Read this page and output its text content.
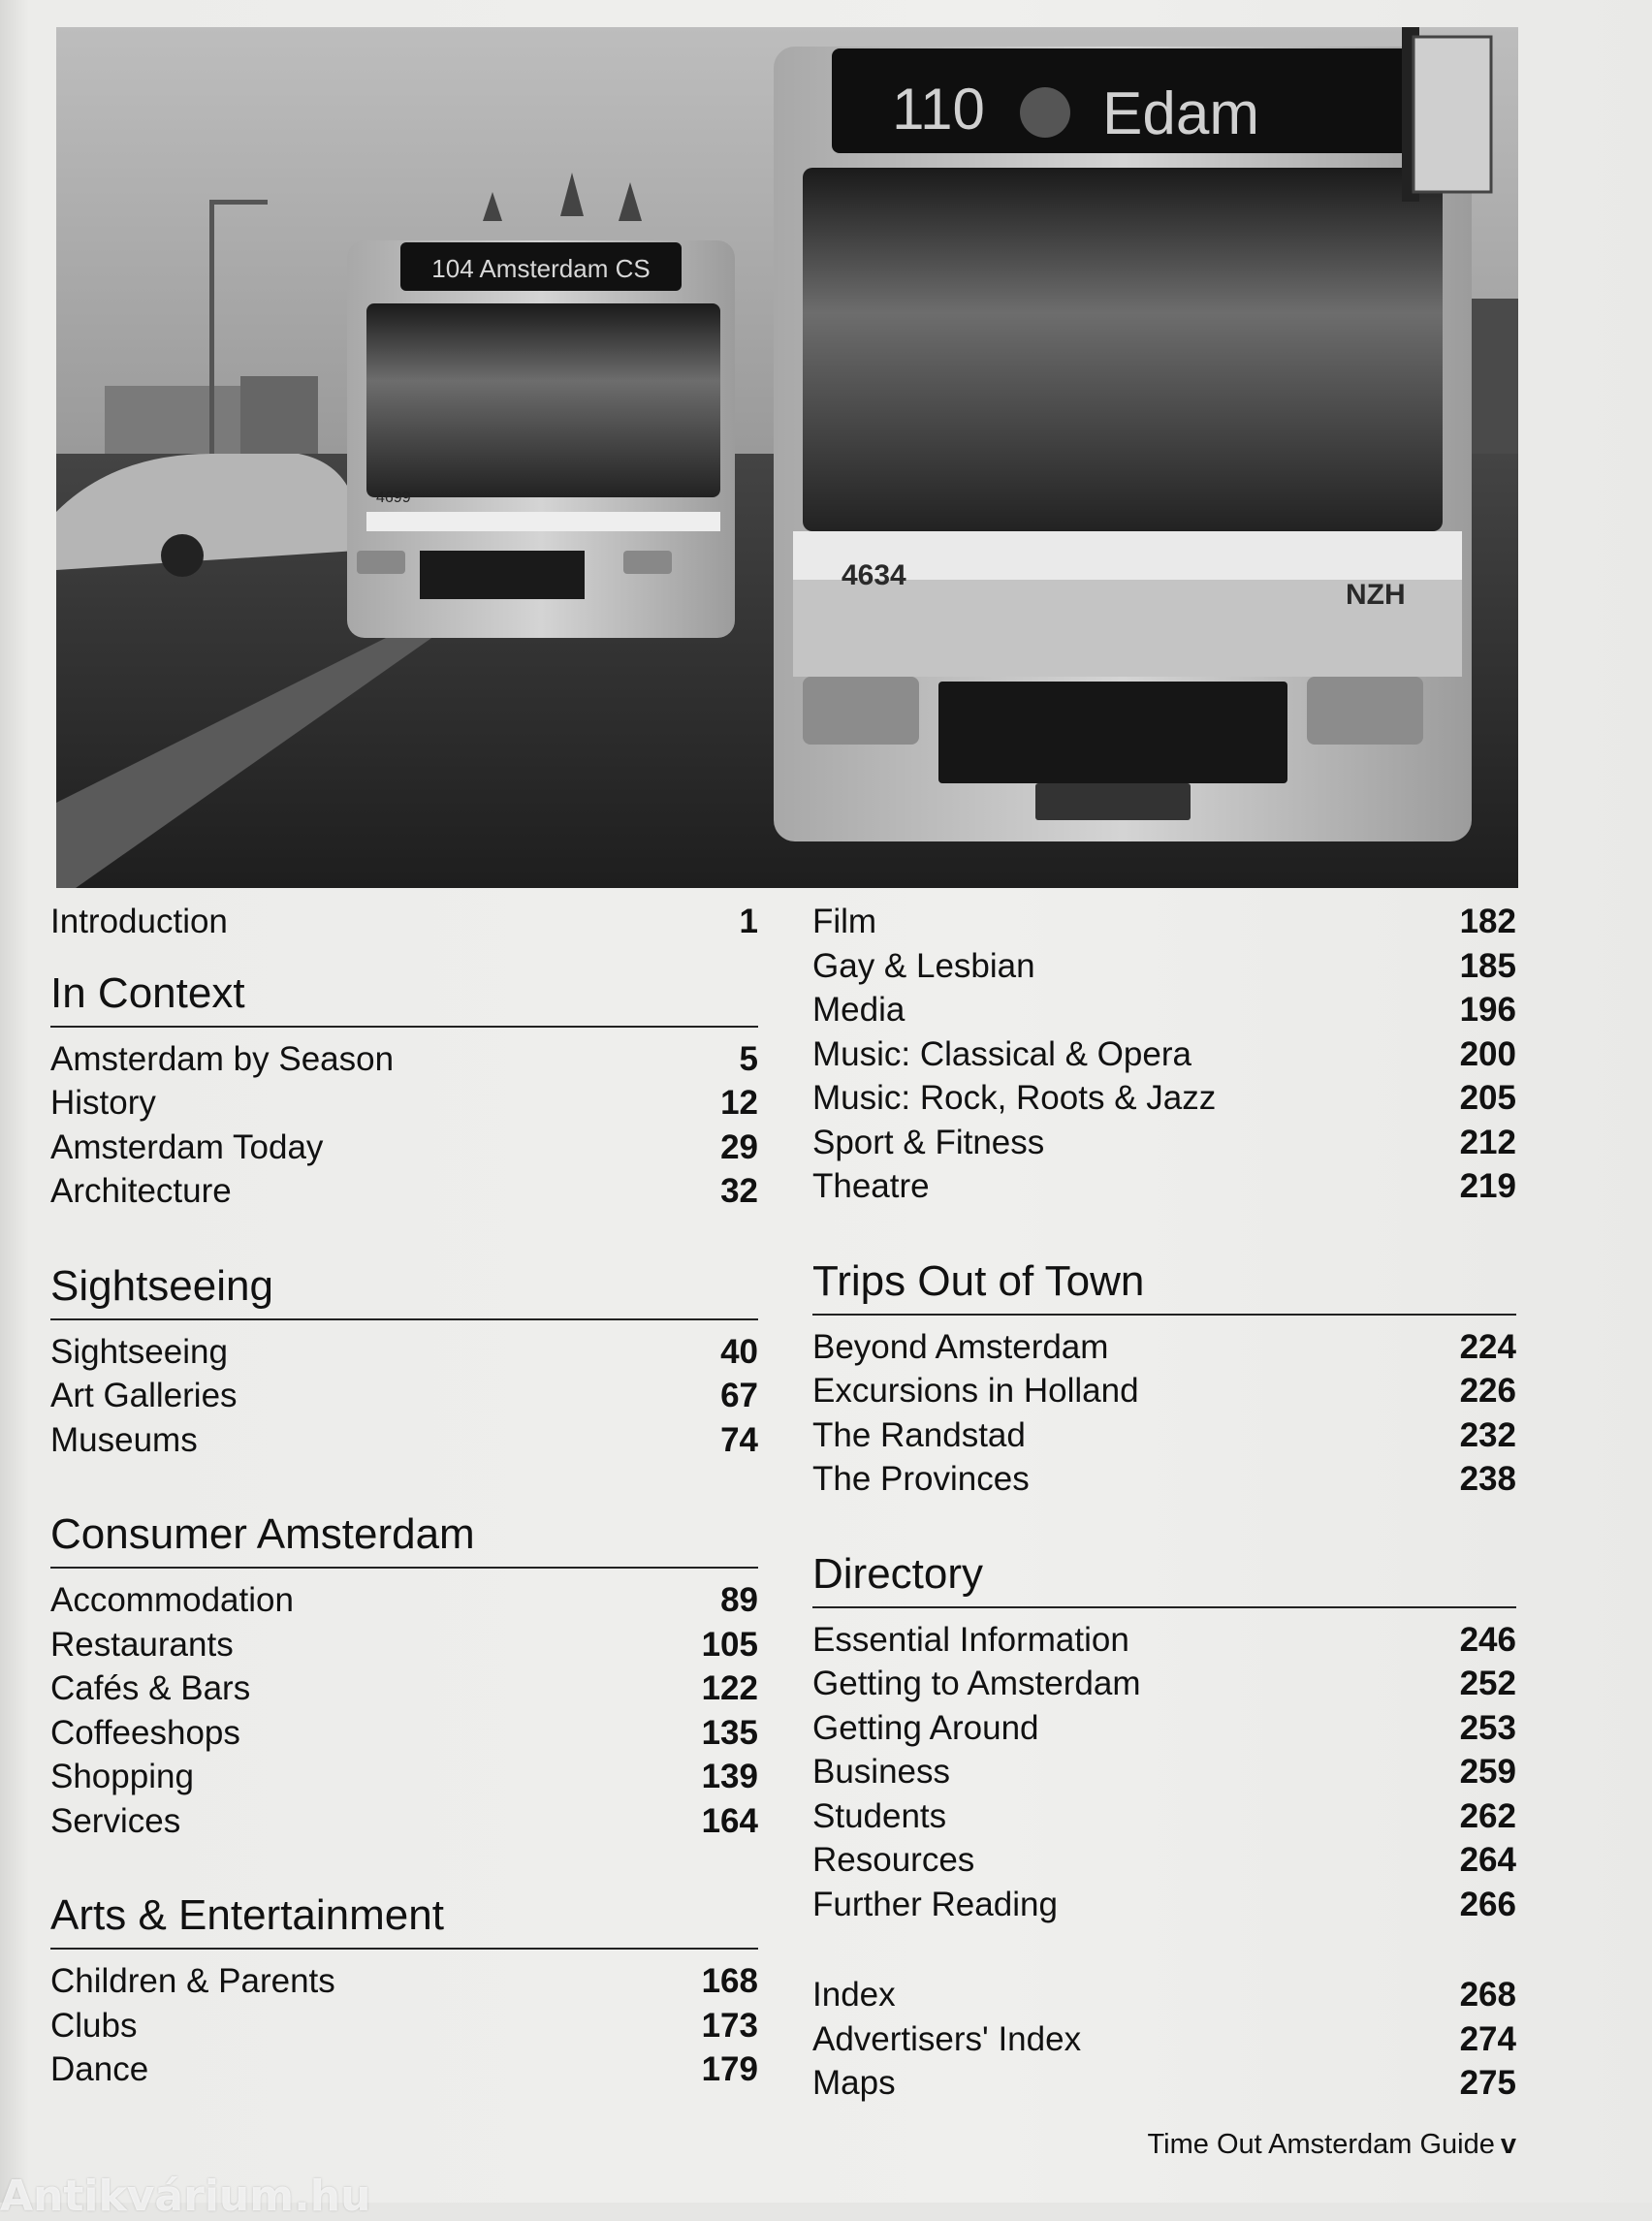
104 Amsterdam CS
4699
110 Edam
4634
NZH
Introduction	1
In Context
Amsterdam by Season	5
History	12
Amsterdam Today	29
Architecture	32
Sightseeing
Sightseeing	40
Art Galleries	67
Museums	74
Consumer Amsterdam
Accommodation	89
Restaurants	105
Cafés & Bars	122
Coffeeshops	135
Shopping	139
Services	164
Arts & Entertainment
Children & Parents	168
Clubs	173
Dance	179
Film	182
Gay & Lesbian	185
Media	196
Music: Classical & Opera	200
Music: Rock, Roots & Jazz	205
Sport & Fitness	212
Theatre	219
Trips Out of Town
Beyond Amsterdam	224
Excursions in Holland	226
The Randstad	232
The Provinces	238
Directory
Essential Information	246
Getting to Amsterdam	252
Getting Around	253
Business	259
Students	262
Resources	264
Further Reading	266
Index	268
Advertisers' Index	274
Maps	275
Time Out Amsterdam Guide v
Antikvárium.hu
